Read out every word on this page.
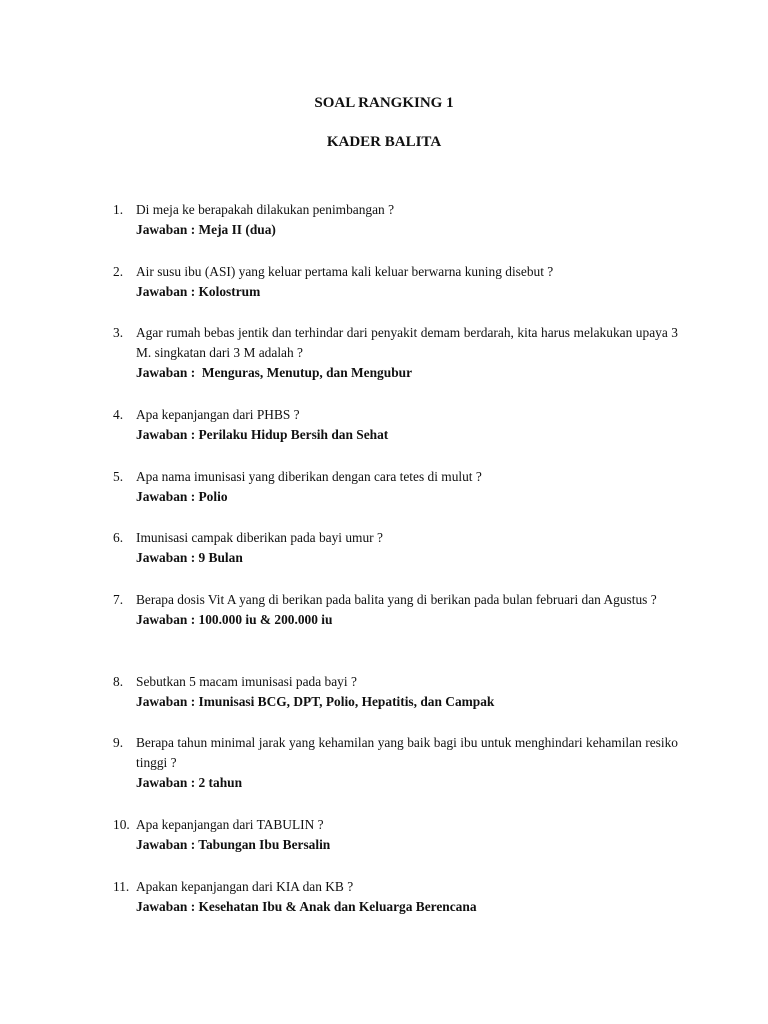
SOAL RANGKING 1
KADER BALITA
1. Di meja ke berapakah dilakukan penimbangan ?
Jawaban : Meja II (dua)
2. Air susu ibu (ASI) yang keluar pertama kali keluar berwarna kuning disebut ?
Jawaban : Kolostrum
3. Agar rumah bebas jentik dan terhindar dari penyakit demam berdarah, kita harus melakukan upaya 3 M. singkatan dari 3 M adalah ?
Jawaban :  Menguras, Menutup, dan Mengubur
4. Apa kepanjangan dari PHBS ?
Jawaban : Perilaku Hidup Bersih dan Sehat
5. Apa nama imunisasi yang diberikan dengan cara tetes di mulut ?
Jawaban : Polio
6. Imunisasi campak diberikan pada bayi umur ?
Jawaban : 9 Bulan
7. Berapa dosis Vit A yang di berikan pada balita yang di berikan pada bulan februari dan Agustus ?
Jawaban : 100.000 iu & 200.000 iu
8. Sebutkan 5 macam imunisasi pada bayi ?
Jawaban : Imunisasi BCG, DPT, Polio, Hepatitis, dan Campak
9. Berapa tahun minimal jarak yang kehamilan yang baik bagi ibu untuk menghindari kehamilan resiko tinggi ?
Jawaban : 2 tahun
10. Apa kepanjangan dari TABULIN ?
Jawaban : Tabungan Ibu Bersalin
11. Apakan kepanjangan dari KIA dan KB ?
Jawaban : Kesehatan Ibu & Anak dan Keluarga Berencana
